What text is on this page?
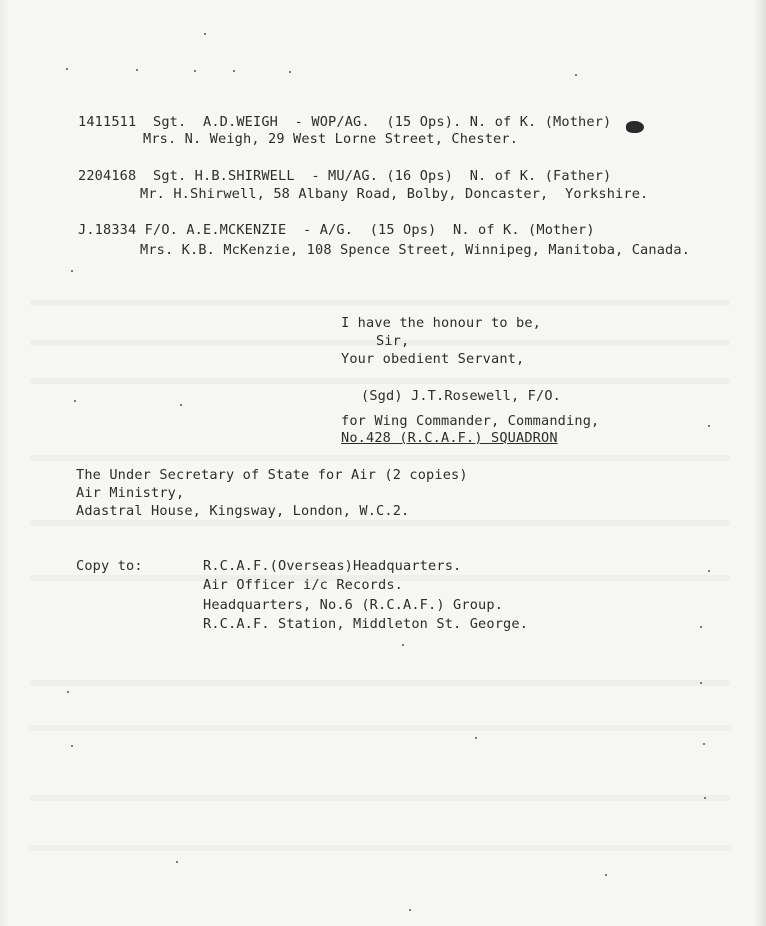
1411511  Sgt.  A.D.WEIGH  - WOP/AG.  (15 Ops). N. of K. (Mother)
Mrs. N. Weigh, 29 West Lorne Street, Chester.
2204168  Sgt. H.B.SHIRWELL  - MU/AG. (16 Ops)  N. of K. (Father)
Mr. H.Shirwell, 58 Albany Road, Bolby, Doncaster,  Yorkshire.
J.18334 F/O. A.E.MCKENZIE  - A/G.  (15 Ops)  N. of K. (Mother)
Mrs. K.B. McKenzie, 108 Spence Street, Winnipeg, Manitoba, Canada.
I have the honour to be,
Sir,
Your obedient Servant,
(Sgd) J.T.Rosewell, F/O.
for Wing Commander, Commanding,
No.428 (R.C.A.F.) SQUADRON
The Under Secretary of State for Air (2 copies)
Air Ministry,
Adastral House, Kingsway, London, W.C.2.
Copy to:	R.C.A.F.(Overseas)Headquarters.
Air Officer i/c Records.
Headquarters, No.6 (R.C.A.F.) Group.
R.C.A.F. Station, Middleton St. George.
